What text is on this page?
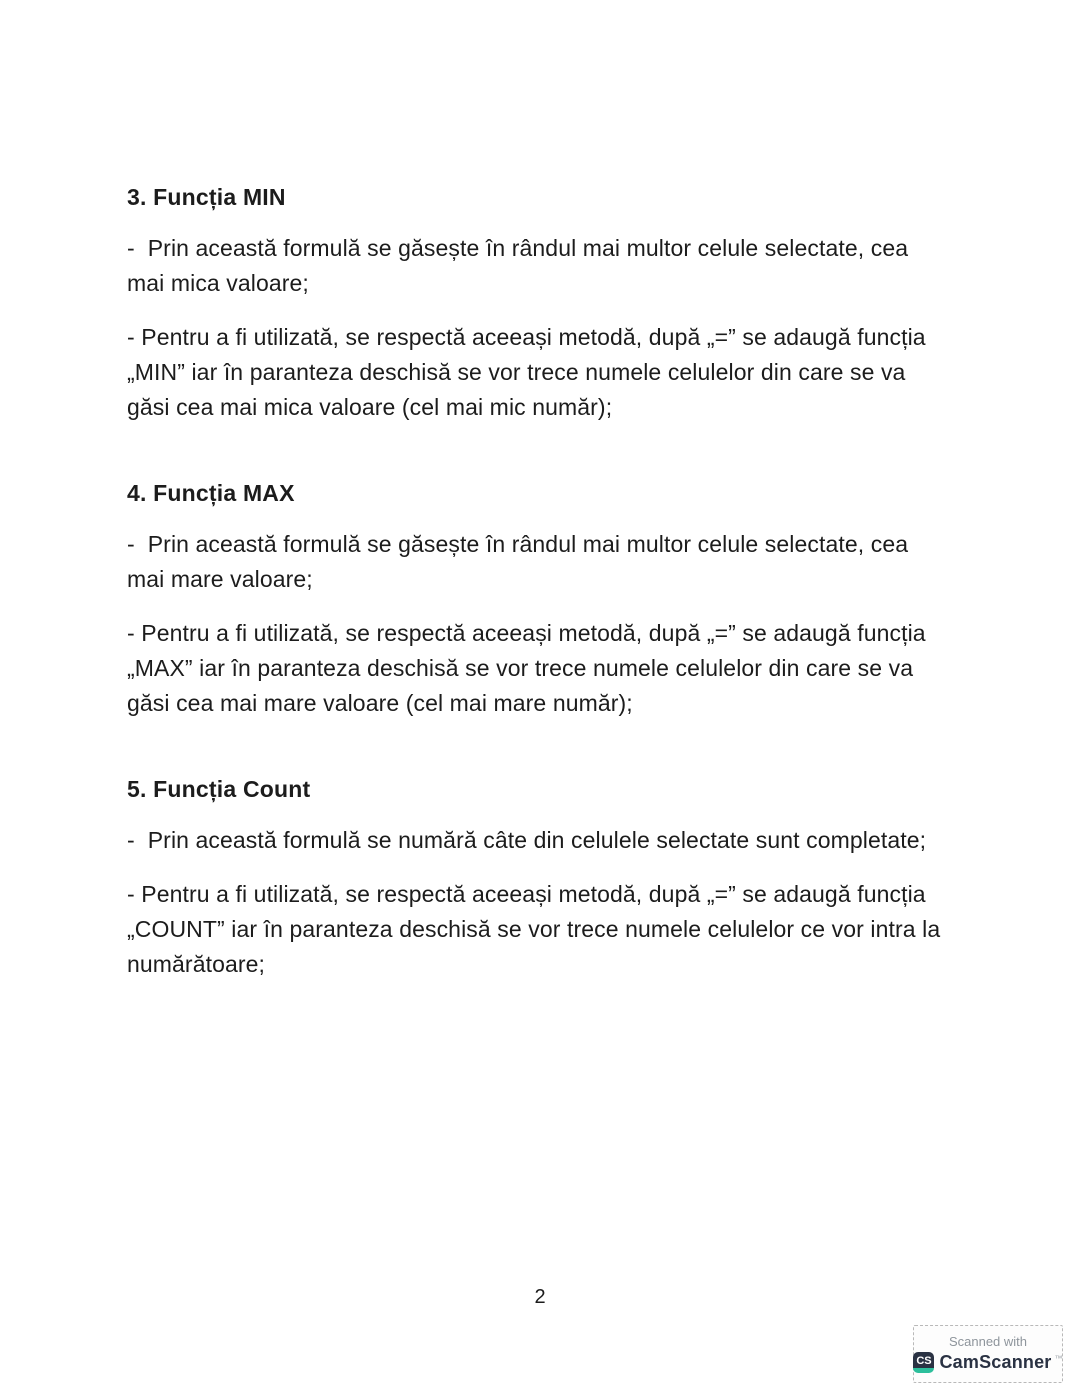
3. Funcția MIN

-  Prin această formulă se găsește în rândul mai multor celule selectate, cea mai mica valoare;

- Pentru a fi utilizată, se respectă aceeași metodă, după „=” se adaugă funcția „MIN” iar în paranteza deschisă se vor trece numele celulelor din care se va găsi cea mai mica valoare (cel mai mic număr);

4. Funcția MAX

-  Prin această formulă se găsește în rândul mai multor celule selectate, cea mai mare valoare;

- Pentru a fi utilizată, se respectă aceeași metodă, după „=” se adaugă funcția „MAX” iar în paranteza deschisă se vor trece numele celulelor din care se va găsi cea mai mare valoare (cel mai mare număr);

5. Funcția Count

-  Prin această formulă se numără câte din celulele selectate sunt completate;

- Pentru a fi utilizată, se respectă aceeași metodă, după „=” se adaugă funcția „COUNT” iar în paranteza deschisă se vor trece numele celulelor ce vor intra la numărătoare;

2
Scanned with
CS CamScanner ™
